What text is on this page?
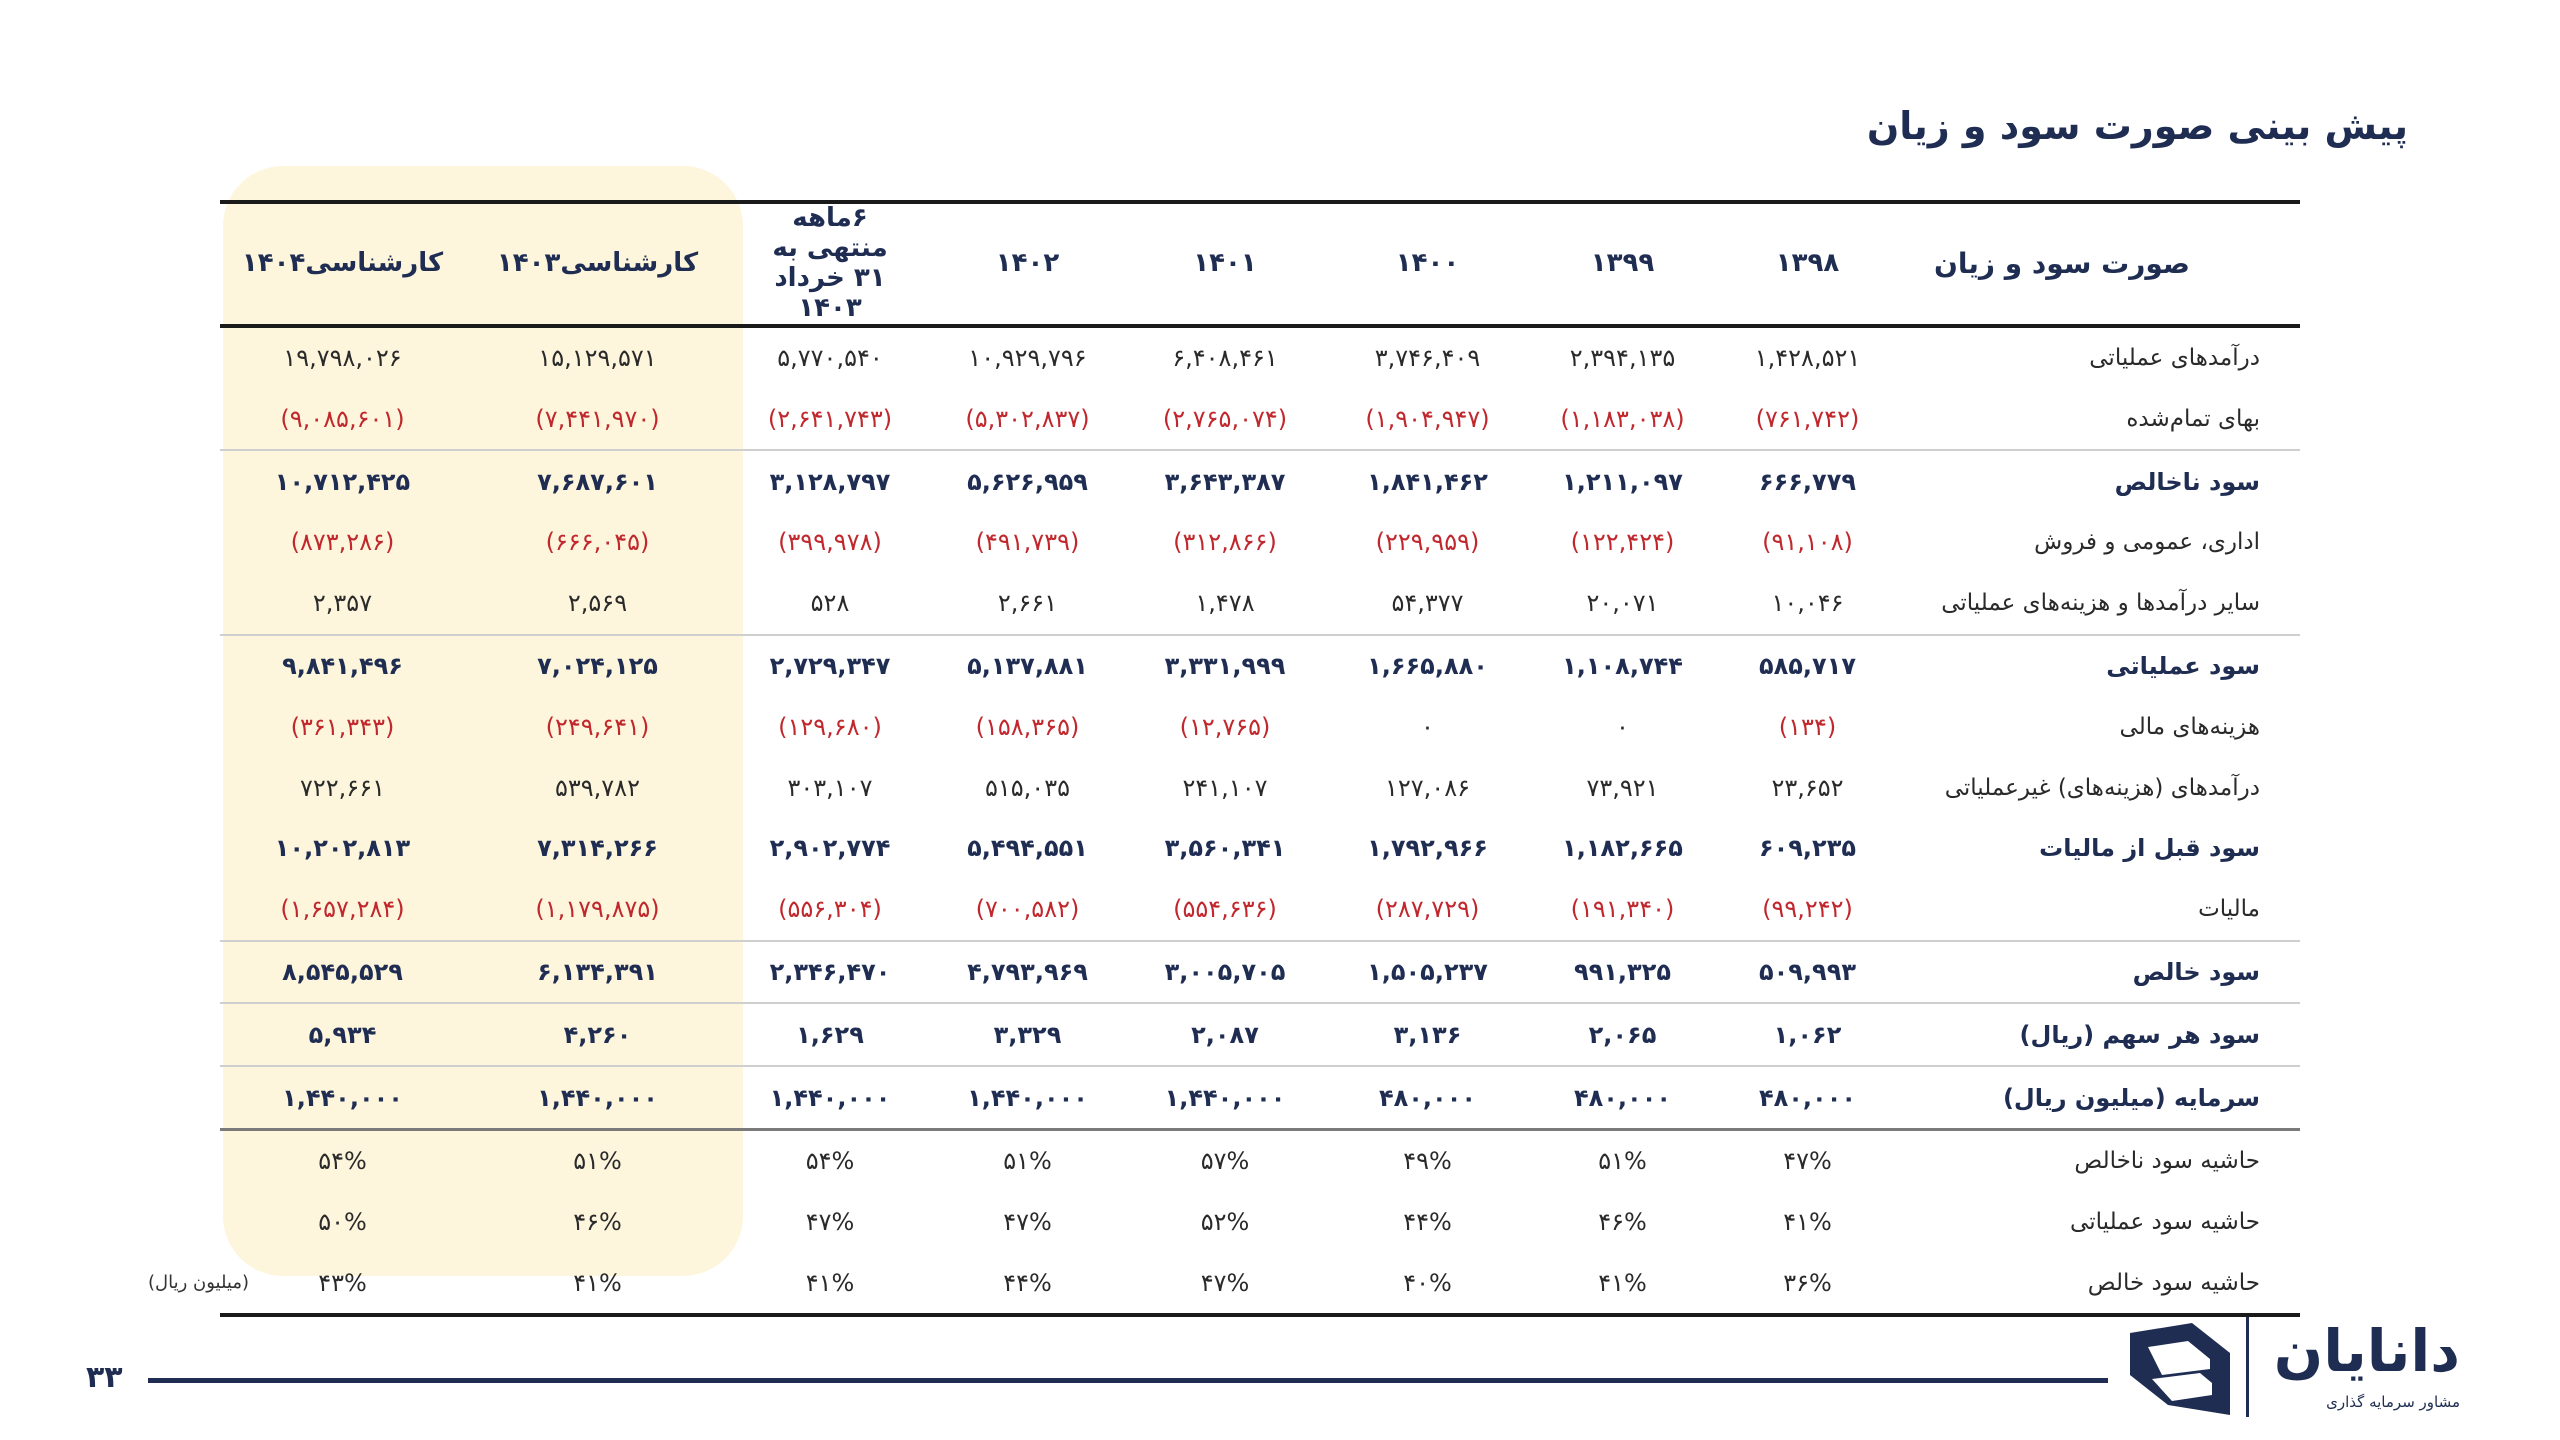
پیش بینی صورت سود و زیان
صورت سود و زیان	۱۳۹۸	۱۳۹۹	۱۴۰۰	۱۴۰۱	۱۴۰۲	۶ماهه منتهی به ۳۱ خرداد ۱۴۰۳	کارشناسی۱۴۰۳	کارشناسی۱۴۰۴
درآمدهای عملیاتی	۱,۴۲۸,۵۲۱	۲,۳۹۴,۱۳۵	۳,۷۴۶,۴۰۹	۶,۴۰۸,۴۶۱	۱۰,۹۲۹,۷۹۶	۵,۷۷۰,۵۴۰	۱۵,۱۲۹,۵۷۱	۱۹,۷۹۸,۰۲۶
بهای تمام‌شده	(۷۶۱,۷۴۲)	(۱,۱۸۳,۰۳۸)	(۱,۹۰۴,۹۴۷)	(۲,۷۶۵,۰۷۴)	(۵,۳۰۲,۸۳۷)	(۲,۶۴۱,۷۴۳)	(۷,۴۴۱,۹۷۰)	(۹,۰۸۵,۶۰۱)
سود ناخالص	۶۶۶,۷۷۹	۱,۲۱۱,۰۹۷	۱,۸۴۱,۴۶۲	۳,۶۴۳,۳۸۷	۵,۶۲۶,۹۵۹	۳,۱۲۸,۷۹۷	۷,۶۸۷,۶۰۱	۱۰,۷۱۲,۴۲۵
اداری، عمومی و فروش	(۹۱,۱۰۸)	(۱۲۲,۴۲۴)	(۲۲۹,۹۵۹)	(۳۱۲,۸۶۶)	(۴۹۱,۷۳۹)	(۳۹۹,۹۷۸)	(۶۶۶,۰۴۵)	(۸۷۳,۲۸۶)
سایر درآمدها و هزینه‌های عملیاتی	۱۰,۰۴۶	۲۰,۰۷۱	۵۴,۳۷۷	۱,۴۷۸	۲,۶۶۱	۵۲۸	۲,۵۶۹	۲,۳۵۷
سود عملیاتی	۵۸۵,۷۱۷	۱,۱۰۸,۷۴۴	۱,۶۶۵,۸۸۰	۳,۳۳۱,۹۹۹	۵,۱۳۷,۸۸۱	۲,۷۲۹,۳۴۷	۷,۰۲۴,۱۲۵	۹,۸۴۱,۴۹۶
هزینه‌های مالی	(۱۳۴)	۰	۰	(۱۲,۷۶۵)	(۱۵۸,۳۶۵)	(۱۲۹,۶۸۰)	(۲۴۹,۶۴۱)	(۳۶۱,۳۴۳)
درآمدهای (هزینه‌های) غیرعملیاتی	۲۳,۶۵۲	۷۳,۹۲۱	۱۲۷,۰۸۶	۲۴۱,۱۰۷	۵۱۵,۰۳۵	۳۰۳,۱۰۷	۵۳۹,۷۸۲	۷۲۲,۶۶۱
سود قبل از مالیات	۶۰۹,۲۳۵	۱,۱۸۲,۶۶۵	۱,۷۹۲,۹۶۶	۳,۵۶۰,۳۴۱	۵,۴۹۴,۵۵۱	۲,۹۰۲,۷۷۴	۷,۳۱۴,۲۶۶	۱۰,۲۰۲,۸۱۳
مالیات	(۹۹,۲۴۲)	(۱۹۱,۳۴۰)	(۲۸۷,۷۲۹)	(۵۵۴,۶۳۶)	(۷۰۰,۵۸۲)	(۵۵۶,۳۰۴)	(۱,۱۷۹,۸۷۵)	(۱,۶۵۷,۲۸۴)
سود خالص	۵۰۹,۹۹۳	۹۹۱,۳۲۵	۱,۵۰۵,۲۳۷	۳,۰۰۵,۷۰۵	۴,۷۹۳,۹۶۹	۲,۳۴۶,۴۷۰	۶,۱۳۴,۳۹۱	۸,۵۴۵,۵۲۹
سود هر سهم (ریال)	۱,۰۶۲	۲,۰۶۵	۳,۱۳۶	۲,۰۸۷	۳,۳۲۹	۱,۶۲۹	۴,۲۶۰	۵,۹۳۴
سرمایه (میلیون ریال)	۴۸۰,۰۰۰	۴۸۰,۰۰۰	۴۸۰,۰۰۰	۱,۴۴۰,۰۰۰	۱,۴۴۰,۰۰۰	۱,۴۴۰,۰۰۰	۱,۴۴۰,۰۰۰	۱,۴۴۰,۰۰۰
حاشیه سود ناخالص	۴۷%	۵۱%	۴۹%	۵۷%	۵۱%	۵۴%	۵۱%	۵۴%
حاشیه سود عملیاتی	۴۱%	۴۶%	۴۴%	۵۲%	۴۷%	۴۷%	۴۶%	۵۰%
حاشیه سود خالص	۳۶%	۴۱%	۴۰%	۴۷%	۴۴%	۴۱%	۴۱%	۴۳%
(میلیون ریال)
۳۳	دانایان
مشاور سرمایه گذاری
